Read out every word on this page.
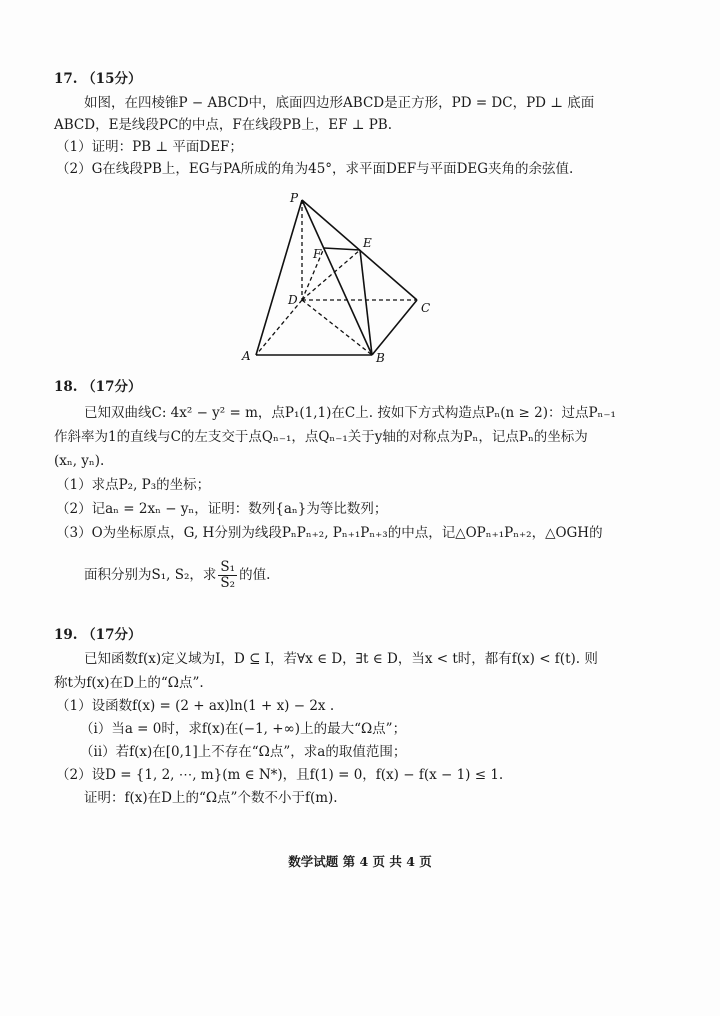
17. （15分）
如图，在四棱锥P − ABCD中，底面四边形ABCD是正方形，PD = DC，PD ⊥ 底面
ABCD，E是线段PC的中点，F在线段PB上，EF ⊥ PB.
（1）证明：PB ⊥ 平面DEF；
（2）G在线段PB上，EG与PA所成的角为45°，求平面DEF与平面DEG夹角的余弦值.
P
E
F
D
C
A	B
18. （17分）
已知双曲线C: 4x² − y² = m，点P₁(1,1)在C上. 按如下方式构造点Pₙ(n ≥ 2)：过点Pₙ₋₁
作斜率为1的直线与C的左支交于点Qₙ₋₁，点Qₙ₋₁关于y轴的对称点为Pₙ，记点Pₙ的坐标为
(xₙ, yₙ).
（1）求点P₂, P₃的坐标；
（2）记aₙ = 2xₙ − yₙ，证明：数列{aₙ}为等比数列；
（3）O为坐标原点，G, H分别为线段PₙPₙ₊₂, Pₙ₊₁Pₙ₊₃的中点，记△OPₙ₊₁Pₙ₊₂，△OGH的
面积分别为S₁, S₂，求 $\frac{\text{S₁}}{\text{S₂}}$ 的值.
19. （17分）
已知函数f(x)定义域为I，D ⊆ I，若∀x ∈ D，∃t ∈ D，当x < t时，都有f(x) < f(t). 则
称t为f(x)在D上的“Ω点”.
（1）设函数f(x) = (2 + ax)ln(1 + x) − 2x .
（i）当a = 0时，求f(x)在(−1, +∞)上的最大“Ω点”；
（ii）若f(x)在[0,1]上不存在“Ω点”，求a的取值范围；
（2）设D = {1, 2, ⋯, m}(m ∈ N*)，且f(1) = 0，f(x) − f(x − 1) ≤ 1.
证明：f(x)在D上的“Ω点”个数不小于f(m).
数学试题 第 4 页 共 4 页
